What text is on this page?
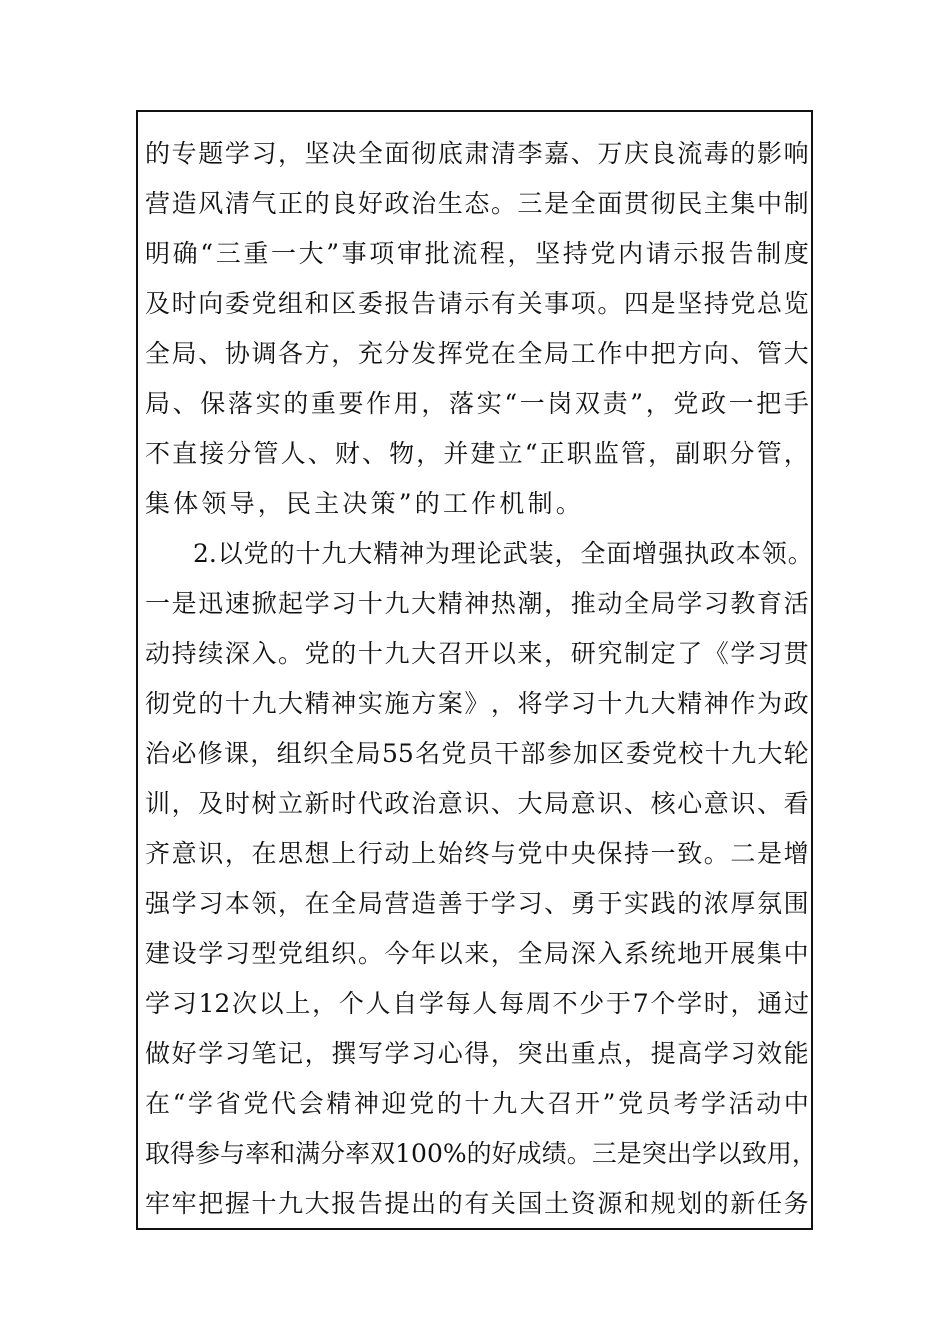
的 专 题 学 习 ， 坚 决 全 面 彻 底 肃 清 李 嘉 、 万 庆 良 流 毒 的 影 响
营 造 风 清 气 正 的 良 好 政 治 生 态 。 三 是 全 面 贯 彻 民 主 集 中 制
明 确 “ 三 重 一 大 ” 事 项 审 批 流 程 ， 坚 持 党 内 请 示 报 告 制 度
及 时 向 委 党 组 和 区 委 报 告 请 示 有 关 事 项 。 四 是 坚 持 党 总 览
全 局 、 协 调 各 方 ， 充 分 发 挥 党 在 全 局 工 作 中 把 方 向 、 管 大
局 、 保 落 实 的 重 要 作 用 ， 落 实 “ 一 岗 双 责 ” ， 党 政 一 把 手
不 直 接 分 管 人 、 财 、 物 ， 并 建 立 “ 正 职 监 管 ， 副 职 分 管 ，
集体领导，民主决策”的工作机制。
2. 以 党 的 十 九 大 精 神 为 理 论 武 装 ， 全 面 增 强 执 政 本 领 。
一 是 迅 速 掀 起 学 习 十 九 大 精 神 热 潮 ， 推 动 全 局 学 习 教 育 活
动 持 续 深 入 。 党 的 十 九 大 召 开 以 来 ， 研 究 制 定 了 《 学 习 贯
彻 党 的 十 九 大 精 神 实 施 方 案 》 ， 将 学 习 十 九 大 精 神 作 为 政
治 必 修 课 ， 组 织 全 局 55 名 党 员 干 部 参 加 区 委 党 校 十 九 大 轮
训 ， 及 时 树 立 新 时 代 政 治 意 识 、 大 局 意 识 、 核 心 意 识 、 看
齐 意 识 ， 在 思 想 上 行 动 上 始 终 与 党 中 央 保 持 一 致 。 二 是 增
强 学 习 本 领 ， 在 全 局 营 造 善 于 学 习 、 勇 于 实 践 的 浓 厚 氛 围
建 设 学 习 型 党 组 织 。 今 年 以 来 ， 全 局 深 入 系 统 地 开 展 集 中
学 习 12 次 以 上 ， 个 人 自 学 每 人 每 周 不 少 于 7 个 学 时 ， 通 过
做 好 学 习 笔 记 ， 撰 写 学 习 心 得 ， 突 出 重 点 ， 提 高 学 习 效 能
在 “ 学 省 党 代 会 精 神 迎 党 的 十 九 大 召 开 ” 党 员 考 学 活 动 中
取 得 参 与 率 和 满 分 率 双 100% 的 好 成 绩 。 三 是 突 出 学 以 致 用 ，
牢 牢 把 握 十 九 大 报 告 提 出 的 有 关 国 土 资 源 和 规 划 的 新 任 务
